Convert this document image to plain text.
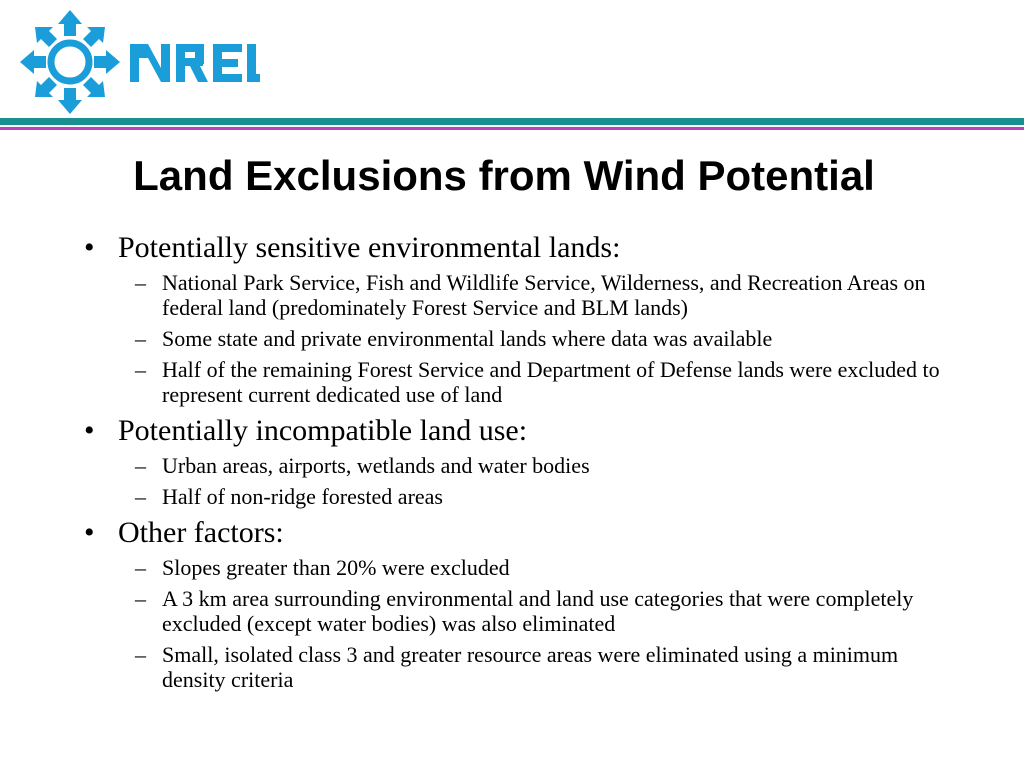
Land Exclusions from Wind Potential
• Potentially sensitive environmental lands:
– National Park Service, Fish and Wildlife Service, Wilderness, and Recreation Areas on federal land (predominately Forest Service and BLM lands)
– Some state and private environmental lands where data was available
– Half of the remaining Forest Service and Department of Defense lands were excluded to represent current dedicated use of land
• Potentially incompatible land use:
– Urban areas, airports, wetlands and water bodies
– Half of non-ridge forested areas
• Other factors:
– Slopes greater than 20% were excluded
– A 3 km area surrounding environmental and land use categories that were completely excluded (except water bodies) was also eliminated
– Small, isolated class 3 and greater resource areas were eliminated using a minimum density criteria
